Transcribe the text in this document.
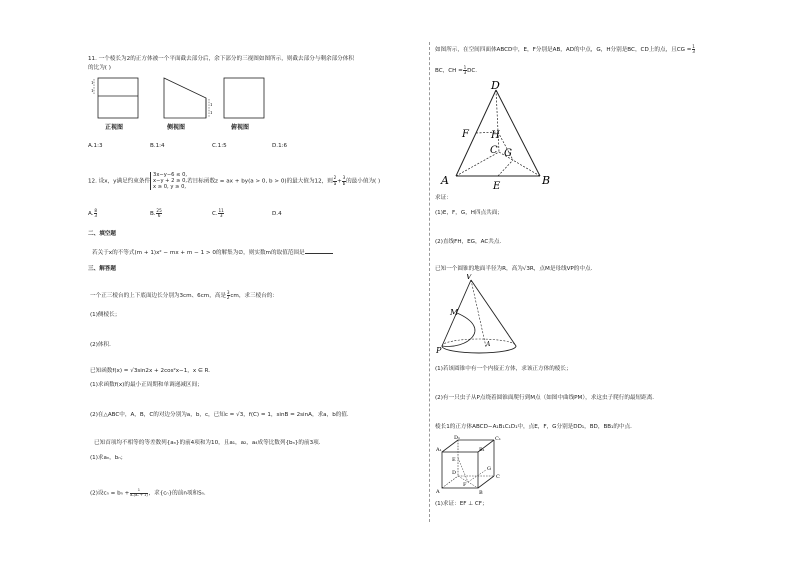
11. 一个棱长为2的正方体被一个平面截去部分后，余下部分的三视图如图所示，则截去部分与剩余部分体积
的比为( )
1
1
1
1
正视图	侧视图	俯视图
A.1:3	B.1:4	C.1:5	D.1:6
12. 设x，y满足约束条件
3x−y−6 ≤ 0,
x−y + 2 ≥ 0,
x ≥ 0, y ≥ 0,
若目标函数z = ax + by(a > 0, b > 0)的最大值为12，则 $\frac{2}{a} + \frac{3}{b}$ 的最小值为( )
A. $\frac{8}{3}$	B. $\frac{25}{6}$	C. $\frac{11}{3}$	D.4
二、填空题
若关于x的不等式(m + 1)x² − mx + m − 1 > 0的解集为∅，则实数m的取值范围是
三、解答题
一个正三棱台的上下底面边长分别为3cm、6cm，高是 $\frac{3}{2}$ cm，求三棱台的：
(1)侧棱长；
(2)体积．
已知函数f(x) = √3sin2x + 2cos²x−1，x ∈ R.
(1)求函数f(x)的最小正周期和单调递减区间；
(2)在△ABC中，A，B，C的对边分别为a，b，c，已知c = √3，f(C) = 1，sinB = 2sinA，求a，b的值.
已知首项均不相等的等差数列{aₙ}的前4项和为10，且a₁，a₂，a₄成等比数列{bₙ}的前3项．
(1)求aₙ，bₙ；
(2)设$c_n = b_n + \frac{1}{\text{aₙ(aₙ + 1)}}$ ，求{cₙ}的前n项和Sₙ．
如图所示，在空间四面体ABCD中，E，F分别是AB，AD的中点，G，H分别是BC，CD上的点，且CG = $\frac{1}{3}$
BC，CH = $\frac{1}{3}$ DC.
D
F H
C G
A	E	B
求证：
(1)E，F，G，H四点共面；
(2)直线FH，EG，AC共点．
已知一个圆锥的地面半径为R，高为√3R，点M是母线VP的中点．
V
M
P
A
(1)若该圆锥中有一个内接正方体，求该正方体的棱长；
(2)有一只虫子从P点绕着圆锥面爬行到M点（如图中曲线PM），求这虫子爬行的最短距离．
棱长1的正方体ABCD−A₁B₁C₁D₁中，点E，F，G分别是DD₁，BD，BB₁的中点．
A₁
D₁
B₁
C₁
A
D
B
C
E
F
G
(1)求证：EF ⊥ CF；
